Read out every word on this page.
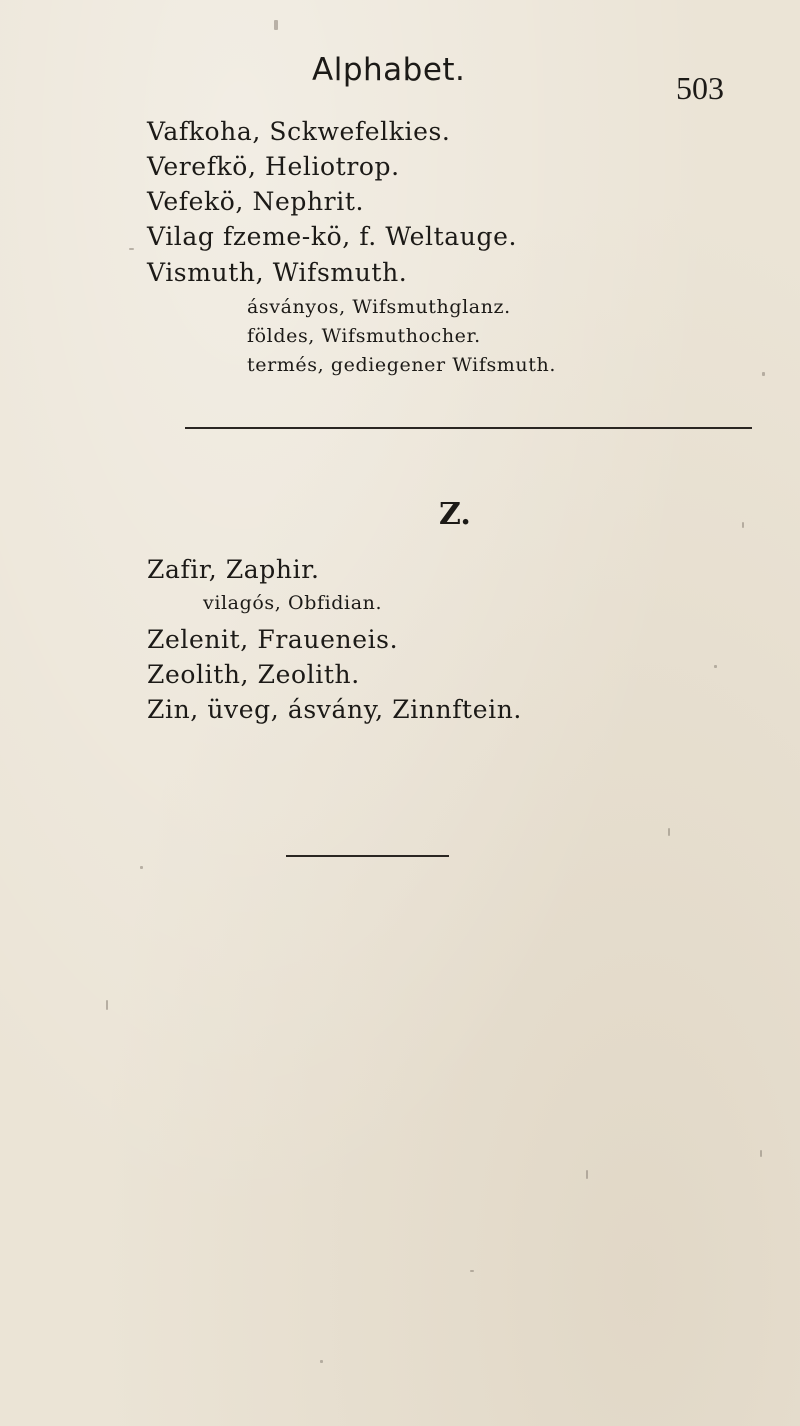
Alphabet.	503
Vafkoha, Sckwefelkies.
Verefkö, Heliotrop.
Vefekö, Nephrit.
Vilag fzeme-kö, f. Weltauge.
Vismuth, Wifsmuth.
ásványos, Wifsmuthglanz.
földes, Wifsmuthocher.
termés, gediegener Wifsmuth.
Z.
Zafir, Zaphir.
vilagós, Obfidian.
Zelenit, Fraueneis.
Zeolith, Zeolith.
Zin, üveg, ásvány, Zinnftein.
